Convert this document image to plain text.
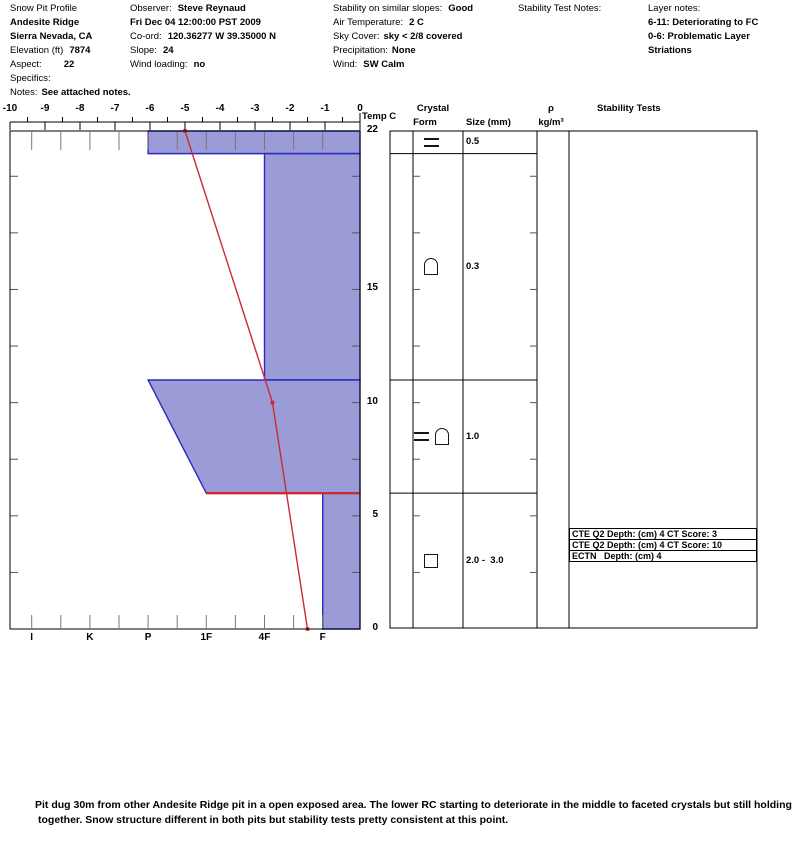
Snow Pit Profile
Andesite Ridge
Sierra Nevada, CA
Elevation (ft) 7874
Aspect: 22
Specifics:
Notes: See attached notes.
Observer: Steve Reynaud
Fri Dec 04 12:00:00 PST 2009
Co-ord: 120.36277 W 39.35000 N
Slope: 24
Wind loading: no
Stability on similar slopes: Good
Air Temperature: 2 C
Sky Cover: sky < 2/8 covered
Precipitation: None
Wind: SW Calm
Stability Test Notes:	Layer notes:
6-11: Deteriorating to FC
0-6: Problematic Layer
Striations
Temp C
Crystal
Form	Size (mm)
ρ
kg/m³
Stability Tests
-10	-9	-8	-7	-6	-5	-4	-3	-2	-1	0
I	K	P	1F	4F	F
22
15
10
5
0
0.5
0.3
1.0
2.0 -  3.0
CTE Q2 Depth: (cm) 4 CT Score: 3
CTE Q2 Depth: (cm) 4 CT Score: 10
ECTN   Depth: (cm) 4
Pit dug 30m from other Andesite Ridge pit in a open exposed area. The lower RC starting to deteriorate in the middle to faceted crystals but still holding
together. Snow structure different in both pits but stability tests pretty consistent at this point.
